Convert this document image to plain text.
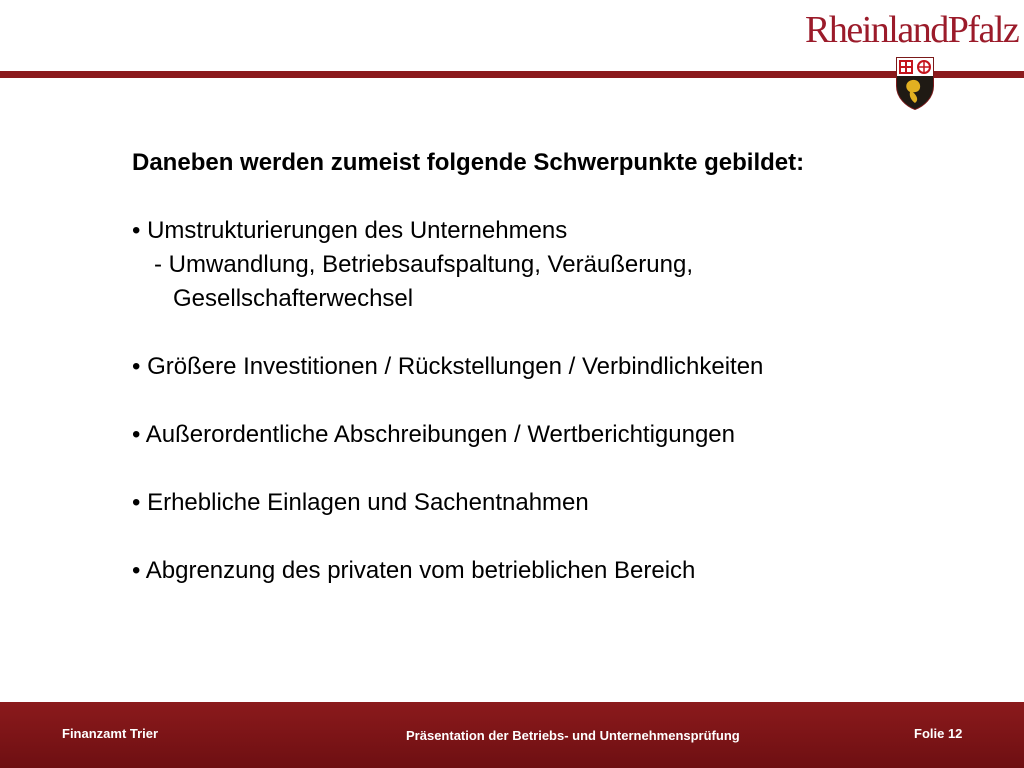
RheinlandPfalz
Daneben werden zumeist folgende Schwerpunkte gebildet:
• Umstrukturierungen des Unternehmens
- Umwandlung, Betriebsaufspaltung, Veräußerung,
Gesellschafterwechsel
• Größere Investitionen / Rückstellungen / Verbindlichkeiten
• Außerordentliche Abschreibungen / Wertberichtigungen
• Erhebliche Einlagen und Sachentnahmen
• Abgrenzung des privaten vom betrieblichen Bereich
Finanzamt Trier	Präsentation der Betriebs- und Unternehmensprüfung	Folie 12
